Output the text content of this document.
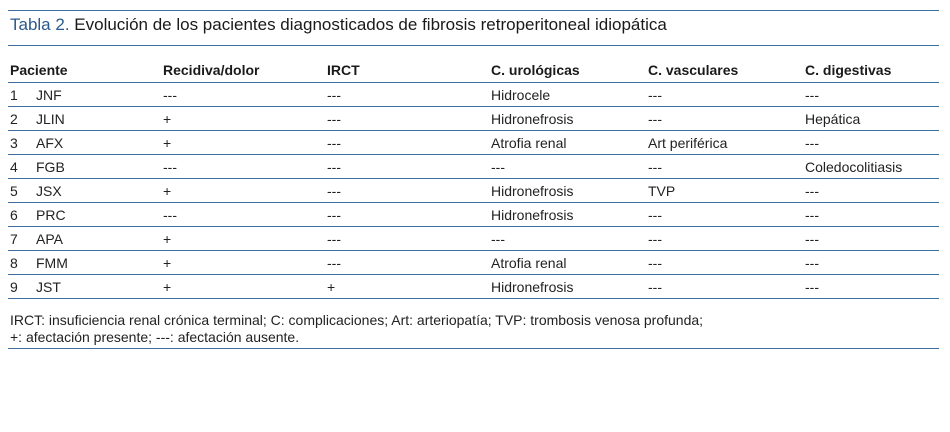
Tabla 2. Evolución de los pacientes diagnosticados de fibrosis retroperitoneal idiopática
Paciente	Recidiva/dolor	IRCT	C. urológicas	C. vasculares	C. digestivas
1 JNF	---	---	Hidrocele	---	---
2 JLIN	+	---	Hidronefrosis	---	Hepática
3 AFX	+	---	Atrofia renal	Art periférica	---
4 FGB	---	---	---	---	Coledocolitiasis
5 JSX	+	---	Hidronefrosis	TVP	---
6 PRC	---	---	Hidronefrosis	---	---
7 APA	+	---	---	---	---
8 FMM	+	---	Atrofia renal	---	---
9 JST	+	+	Hidronefrosis	---	---
IRCT: insuficiencia renal crónica terminal; C: complicaciones; Art: arteriopatía; TVP: trombosis venosa profunda;
+: afectación presente; ---: afectación ausente.
